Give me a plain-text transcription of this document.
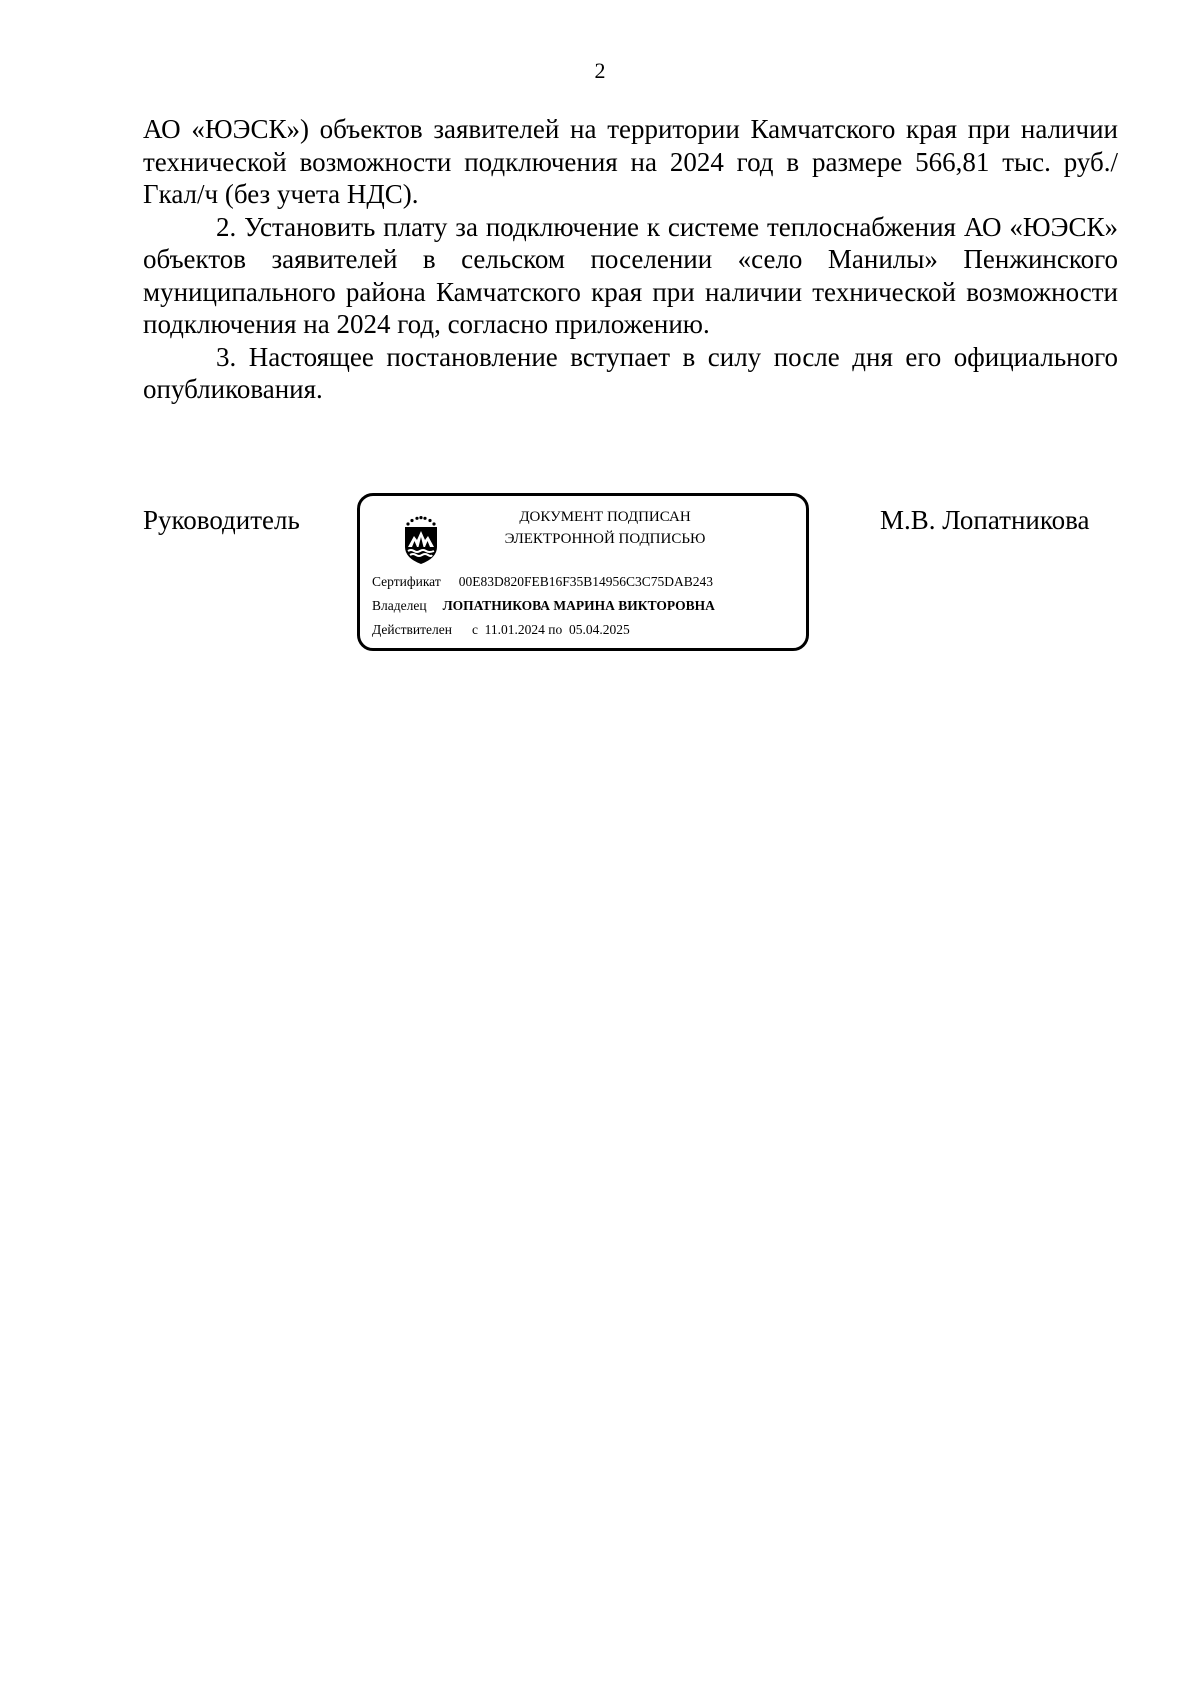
2

АО «ЮЭСК») объектов заявителей на территории Камчатского края при наличии технической возможности подключения на 2024 год в размере 566,81 тыс. руб./Гкал/ч (без учета НДС).

2. Установить плату за подключение к системе теплоснабжения АО «ЮЭСК» объектов заявителей в сельском поселении «село Манилы» Пенжинского муниципального района Камчатского края при наличии технической возможности подключения на 2024 год, согласно приложению.

3. Настоящее постановление вступает в силу после дня его официального опубликования.

Руководитель	ДОКУМЕНТ ПОДПИСАН
ЭЛЕКТРОННОЙ ПОДПИСЬЮ
Сертификат 00E83D820FEB16F35B14956C3C75DAB243
Владелец ЛОПАТНИКОВА МАРИНА ВИКТОРОВНА
Действителен с  11.01.2024 по  05.04.2025
М.В. Лопатникова
